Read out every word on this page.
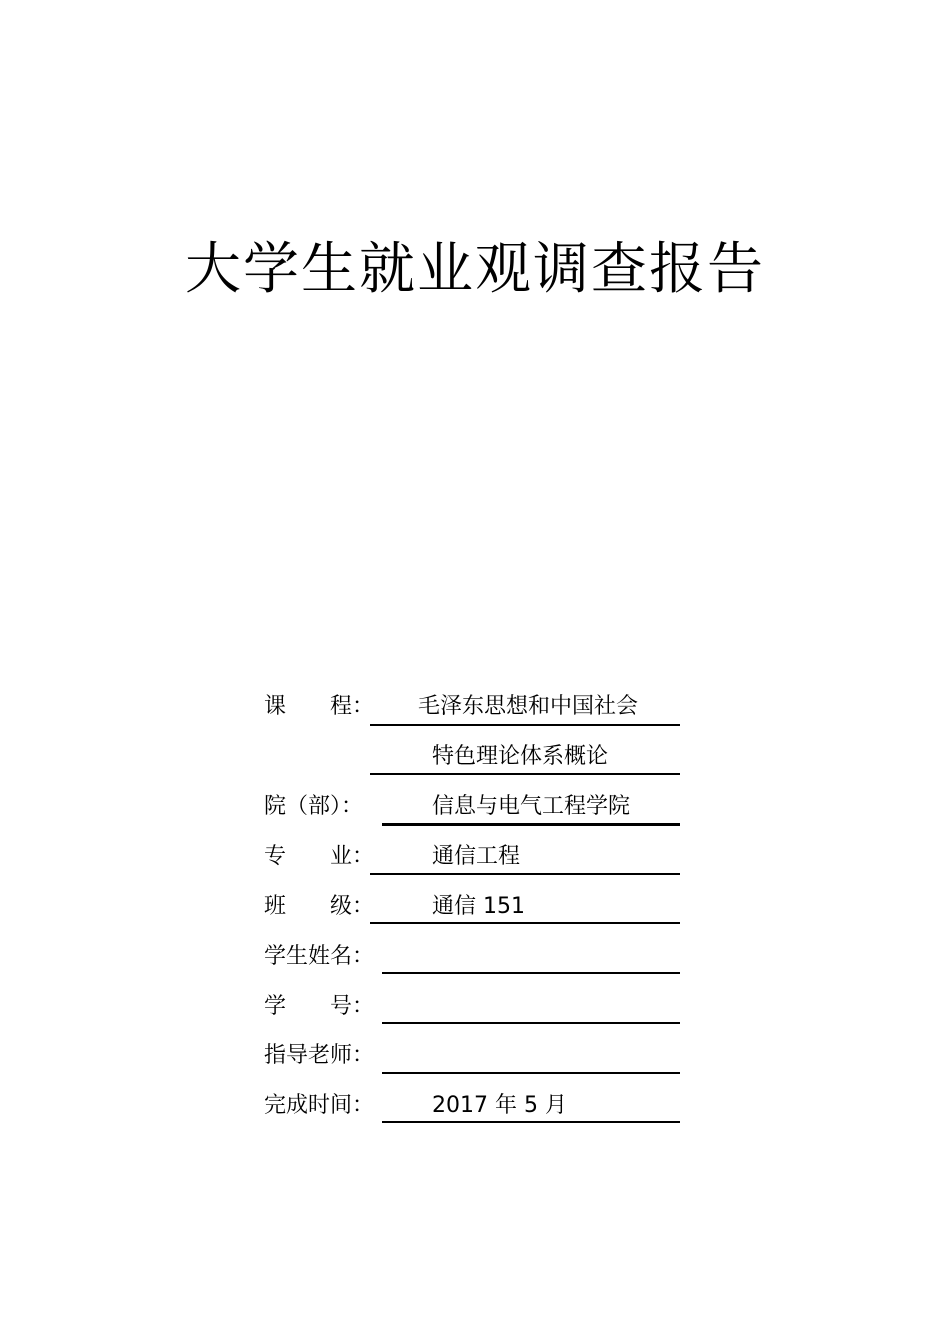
大学生就业观调查报告
课　　程： 毛泽东思想和中国社会
特色理论体系概论
院（部）：	信息与电气工程学院
专　　业：	通信工程
班　　级：	通信 151
学生姓名：
学　　号：
指导老师：
完成时间：	2017 年 5 月
